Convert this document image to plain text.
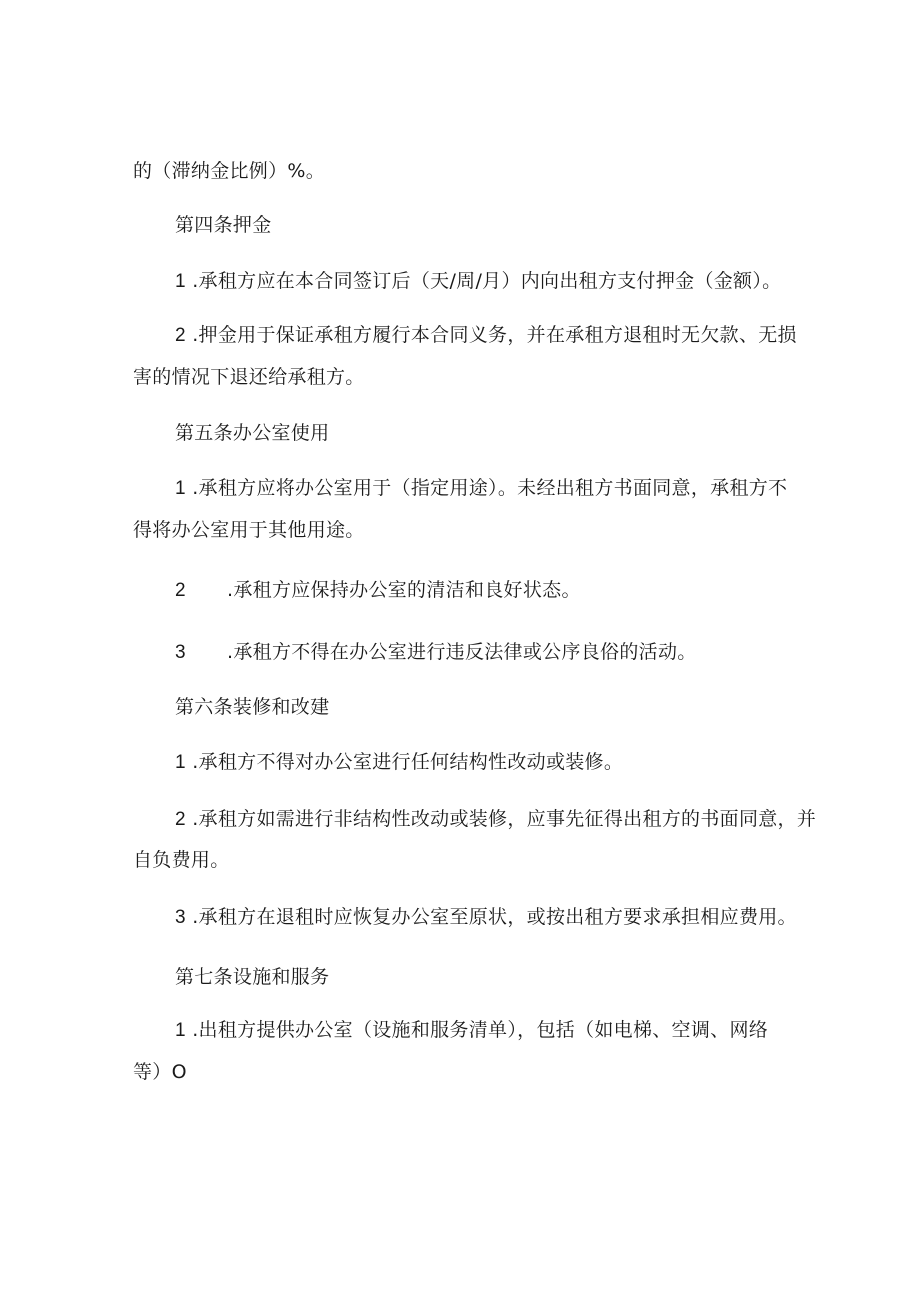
的（滞纳金比例）%。
第四条押金
1 .承租方应在本合同签订后（天/周/月）内向出租方支付押金（金额）。
2 .押金用于保证承租方履行本合同义务，并在承租方退租时无欠款、无损
害的情况下退还给承租方。
第五条办公室使用
1 .承租方应将办公室用于（指定用途）。未经出租方书面同意，承租方不
得将办公室用于其他用途。
2 .承租方应保持办公室的清洁和良好状态。
3 .承租方不得在办公室进行违反法律或公序良俗的活动。
第六条装修和改建
1 .承租方不得对办公室进行任何结构性改动或装修。
2 .承租方如需进行非结构性改动或装修，应事先征得出租方的书面同意，并
自负费用。
3 .承租方在退租时应恢复办公室至原状，或按出租方要求承担相应费用。
第七条设施和服务
1 .出租方提供办公室（设施和服务清单），包括（如电梯、空调、网络
等）O
